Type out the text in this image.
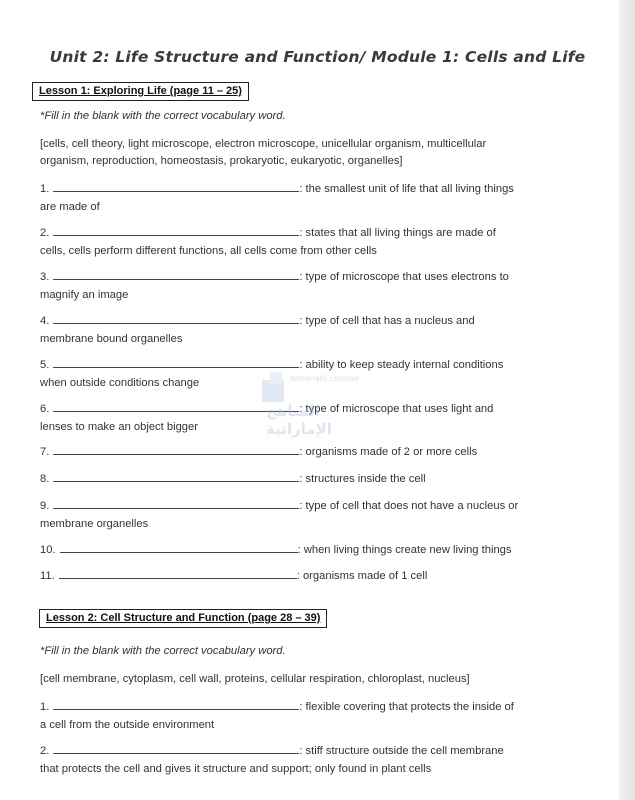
Unit 2: Life Structure and Function/ Module 1: Cells and Life
Lesson 1: Exploring Life (page 11 – 25)
*Fill in the blank with the correct vocabulary word.
[cells, cell theory, light microscope, electron microscope, unicellular organism, multicellular
organism, reproduction, homeostasis, prokaryotic, eukaryotic, organelles]
1.	: the smallest unit of life that all living things
are made of
2.	: states that all living things are made of
cells, cells perform different functions, all cells come from other cells
3.	: type of microscope that uses electrons to
magnify an image
4.	: type of cell that has a nucleus and
membrane bound organelles
5.	: ability to keep steady internal conditions
when outside conditions change
6.	: type of microscope that uses light and
lenses to make an object bigger
7.	: organisms made of 2 or more cells
8.	: structures inside the cell
9.	: type of cell that does not have a nucleus or
membrane organelles
10.	: when living things create new living things
11.	: organisms made of 1 cell
Lesson 2: Cell Structure and Function (page 28 – 39)
*Fill in the blank with the correct vocabulary word.
[cell membrane, cytoplasm, cell wall, proteins, cellular respiration, chloroplast, nucleus]
1.	: flexible covering that protects the inside of
a cell from the outside environment
2.	: stiff structure outside the cell membrane
that protects the cell and gives it structure and support; only found in plant cells
almanahj.com/ae
المناهج الإماراتية
